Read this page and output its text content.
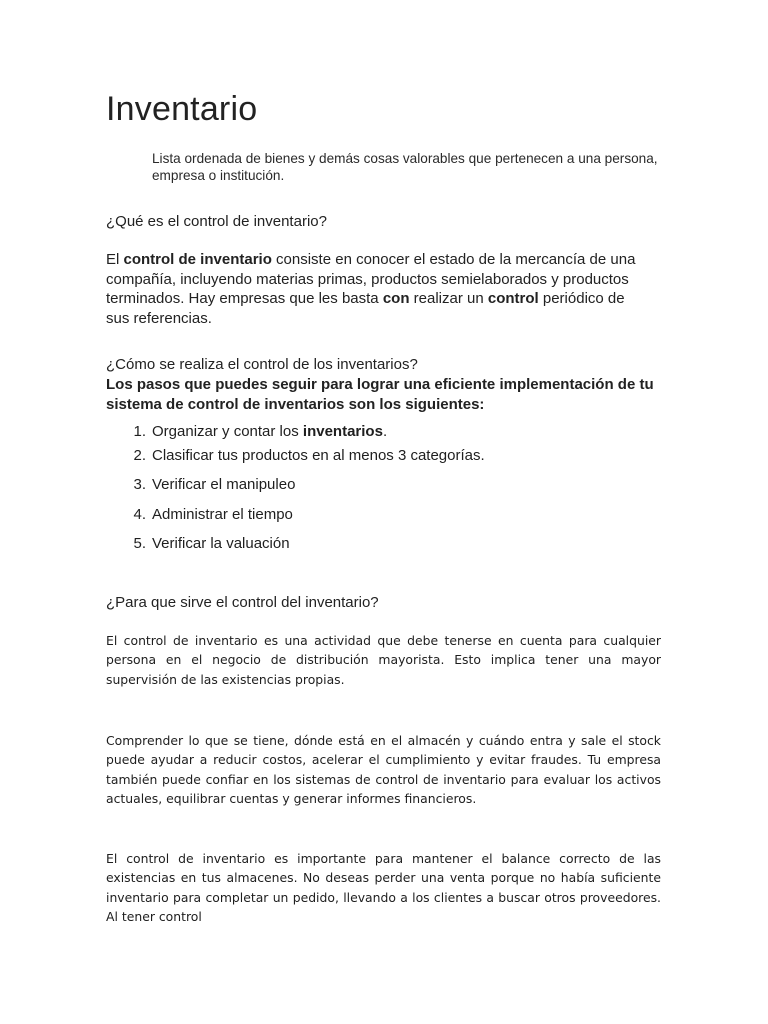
Inventario

Lista ordenada de bienes y demás cosas valorables que pertenecen a una persona, empresa o institución.

¿Qué es el control de inventario?

El control de inventario consiste en conocer el estado de la mercancía de una compañía, incluyendo materias primas, productos semielaborados y productos terminados. Hay empresas que les basta con realizar un control periódico de sus referencias.

¿Cómo se realiza el control de los inventarios?

Los pasos que puedes seguir para lograr una eficiente implementación de tu sistema de control de inventarios son los siguientes:

1. Organizar y contar los inventarios.
2. Clasificar tus productos en al menos 3 categorías.
3. Verificar el manipuleo
4. Administrar el tiempo
5. Verificar la valuación

¿Para que sirve el control del inventario?

El control de inventario es una actividad que debe tenerse en cuenta para cualquier persona en el negocio de distribución mayorista. Esto implica tener una mayor supervisión de las existencias propias.

Comprender lo que se tiene, dónde está en el almacén y cuándo entra y sale el stock puede ayudar a reducir costos, acelerar el cumplimiento y evitar fraudes. Tu empresa también puede confiar en los sistemas de control de inventario para evaluar los activos actuales, equilibrar cuentas y generar informes financieros.

El control de inventario es importante para mantener el balance correcto de las existencias en tus almacenes. No deseas perder una venta porque no había suficiente inventario para completar un pedido, llevando a los clientes a buscar otros proveedores. Al tener control
